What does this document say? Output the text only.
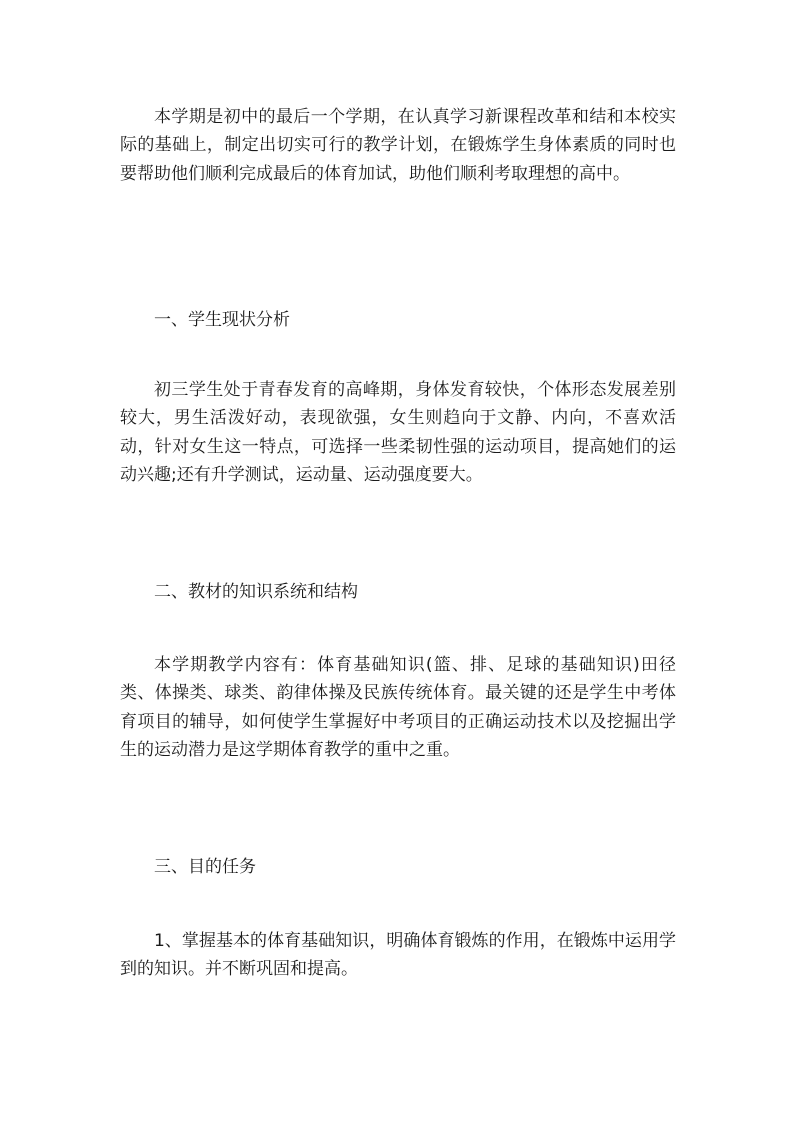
本学期是初中的最后一个学期，在认真学习新课程改革和结和本校实际的基础上，制定出切实可行的教学计划，在锻炼学生身体素质的同时也要帮助他们顺利完成最后的体育加试，助他们顺利考取理想的高中。

一、学生现状分析

初三学生处于青春发育的高峰期，身体发育较快，个体形态发展差别较大，男生活泼好动，表现欲强，女生则趋向于文静、内向，不喜欢活动，针对女生这一特点，可选择一些柔韧性强的运动项目，提高她们的运动兴趣;还有升学测试，运动量、运动强度要大。

二、教材的知识系统和结构

本学期教学内容有：体育基础知识(篮、排、足球的基础知识)田径类、体操类、球类、韵律体操及民族传统体育。最关键的还是学生中考体育项目的辅导，如何使学生掌握好中考项目的正确运动技术以及挖掘出学生的运动潜力是这学期体育教学的重中之重。

三、目的任务

1、掌握基本的体育基础知识，明确体育锻炼的作用，在锻炼中运用学到的知识。并不断巩固和提高。
